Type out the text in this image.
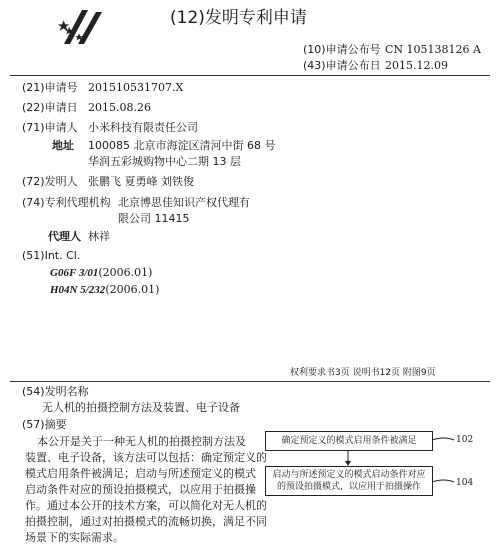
(12)发明专利申请
(10)申请公布号 CN 105138126 A
(43)申请公布日 2015.12.09
(21)申请号 201510531707.X
(22)申请日 2015.08.26
(71)申请人 小米科技有限责任公司
地址 100085 北京市海淀区清河中街 68 号
华润五彩城购物中心二期 13 层
(72)发明人 张鹏飞 夏勇峰 刘铁俊
(74)专利代理机构 北京博思佳知识产权代理有
限公司 11415
代理人 林祥
(51)Int. Cl.
G06F 3/01(2006.01)
H04N 5/232(2006.01)
权利要求书3页 说明书12页 附图9页
(54)发明名称
无人机的拍摄控制方法及装置、电子设备
(57)摘要
本公开是关于一种无人机的拍摄控制方法及
装置、电子设备，该方法可以包括：确定预定义的
模式启用条件被满足；启动与所述预定义的模式
启动条件对应的预设拍摄模式，以应用于拍摄操
作。通过本公开的技术方案，可以简化对无人机的
拍摄控制，通过对拍摄模式的流畅切换，满足不同
场景下的实际需求。
确定预定义的模式启用条件被满足	102
启动与所述预定义的模式启动条件对应
的预设拍摄模式，以应用于拍摄操作	104
